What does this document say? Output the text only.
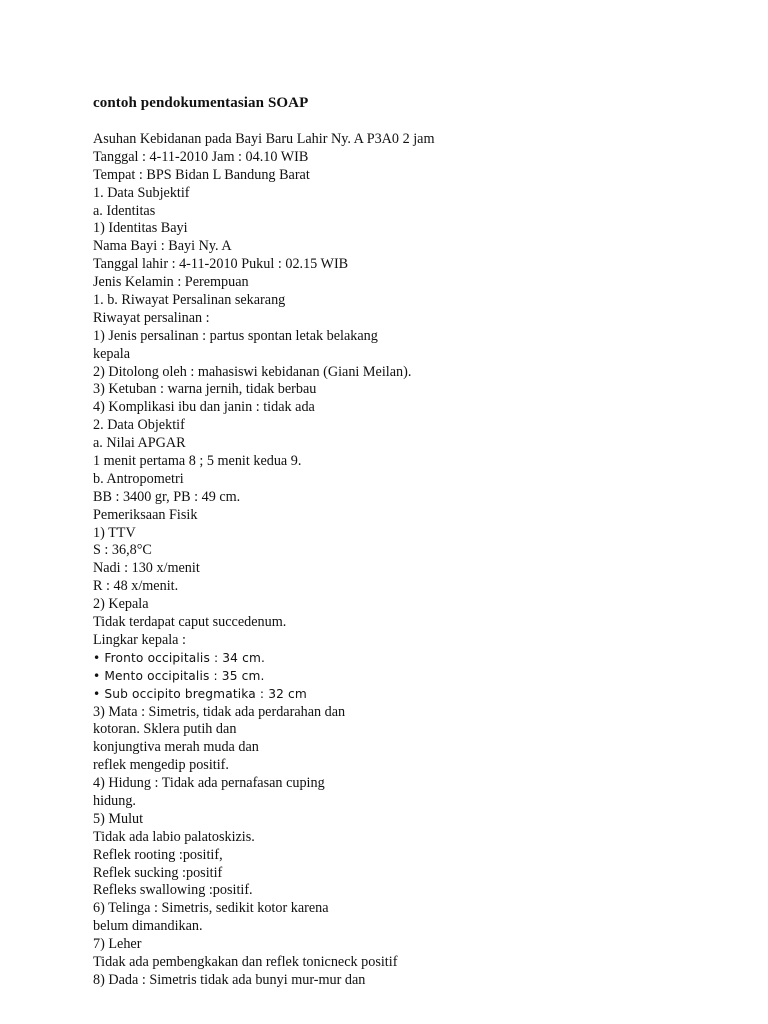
contoh pendokumentasian SOAP
Asuhan Kebidanan pada Bayi Baru Lahir Ny. A P3A0 2 jam
Tanggal : 4-11-2010 Jam : 04.10 WIB
Tempat : BPS Bidan L Bandung Barat
1. Data Subjektif
a. Identitas
1) Identitas Bayi
Nama Bayi : Bayi Ny. A
Tanggal lahir : 4-11-2010 Pukul : 02.15 WIB
Jenis Kelamin : Perempuan
1. b. Riwayat Persalinan sekarang
Riwayat persalinan :
1) Jenis persalinan : partus spontan letak belakang
kepala
2) Ditolong oleh : mahasiswi kebidanan (Giani Meilan).
3) Ketuban : warna jernih, tidak berbau
4) Komplikasi ibu dan janin : tidak ada
2. Data Objektif
a. Nilai APGAR
1 menit pertama 8 ; 5 menit kedua 9.
b. Antropometri
BB : 3400 gr, PB : 49 cm.
Pemeriksaan Fisik
1) TTV
S : 36,8°C
Nadi : 130 x/menit
R : 48 x/menit.
2) Kepala
Tidak terdapat caput succedenum.
Lingkar kepala :
• Fronto occipitalis : 34 cm.
• Mento occipitalis : 35 cm.
• Sub occipito bregmatika : 32 cm
3) Mata : Simetris, tidak ada perdarahan dan
kotoran. Sklera putih dan
konjungtiva merah muda dan
reflek mengedip positif.
4) Hidung : Tidak ada pernafasan cuping
hidung.
5) Mulut
Tidak ada labio palatoskizis.
Reflek rooting :positif,
Reflek sucking :positif
Refleks swallowing :positif.
6) Telinga : Simetris, sedikit kotor karena
belum dimandikan.
7) Leher
Tidak ada pembengkakan dan reflek tonicneck positif
8) Dada : Simetris tidak ada bunyi mur-mur dan
